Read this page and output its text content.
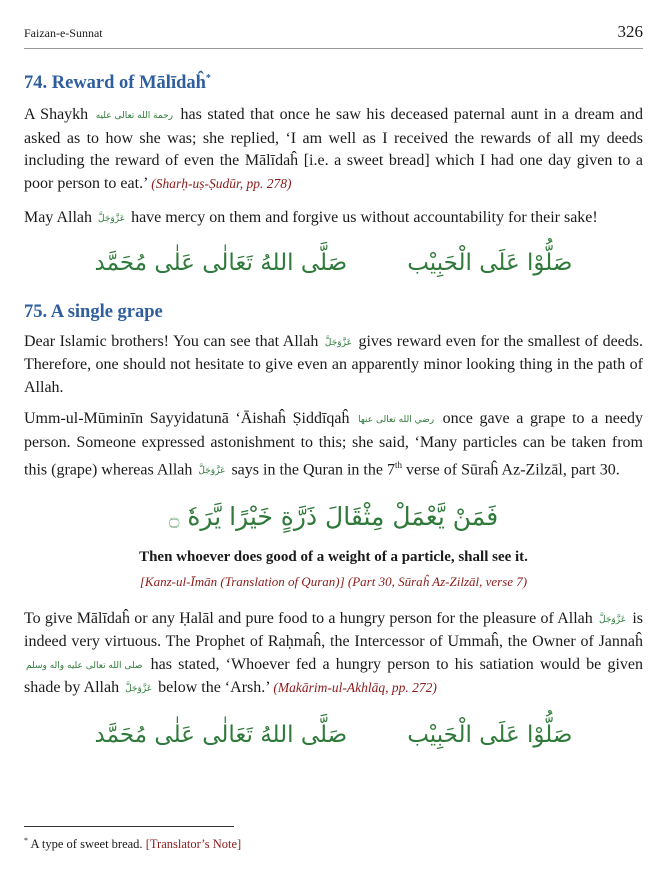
Faizan-e-Sunnat	326
74. Reward of Mālīdaĥ*

A Shaykh رحمة الله تعالى عليه has stated that once he saw his deceased paternal aunt in a dream and asked as to how she was; she replied, ‘I am well as I received the rewards of all my deeds including the reward of even the Mālīdaĥ [i.e. a sweet bread] which I had one day given to a poor person to eat.’ (Sharḥ-uṣ-Ṣudūr, pp. 278)

May Allah عَزَّوَجَلَّ have mercy on them and forgive us without accountability for their sake!

صَلُّوْا عَلَى الْحَبِيْبصَلَّى اللهُ تَعَالٰى عَلٰى مُحَمَّد
75. A single grape

Dear Islamic brothers! You can see that Allah عَزَّوَجَلَّ gives reward even for the smallest of deeds. Therefore, one should not hesitate to give even an apparently minor looking thing in the path of Allah.

Umm-ul-Mūminīn Sayyidatunā ‘Āishaĥ Ṣiddīqaĥ رضي الله تعالى عنها once gave a grape to a needy person. Someone expressed astonishment to this; she said, ‘Many particles can be taken from this (grape) whereas Allah عَزَّوَجَلَّ says in the Quran in the 7th verse of Sūraĥ Az-Zilzāl, part 30.

فَمَنْ يَّعْمَلْ مِثْقَالَ ذَرَّةٍ خَيْرًا يَّرَهٗ ۝
Then whoever does good of a weight of a particle, shall see it.
[Kanz-ul-Īmān (Translation of Quran)] (Part 30, Sūraĥ Az-Zilzāl, verse 7)

To give Mālīdaĥ or any Ḥalāl and pure food to a hungry person for the pleasure of Allah عَزَّوَجَلَّ is indeed very virtuous. The Prophet of Raḥmaĥ, the Intercessor of Ummaĥ, the Owner of Jannaĥ صلى الله تعالى عليه واله وسلم has stated, ‘Whoever fed a hungry person to his satiation would be given shade by Allah عَزَّوَجَلَّ below the ‘Arsh.’ (Makārim-ul-Akhlāq, pp. 272)

صَلُّوْا عَلَى الْحَبِيْبصَلَّى اللهُ تَعَالٰى عَلٰى مُحَمَّد
* A type of sweet bread. [Translator’s Note]
